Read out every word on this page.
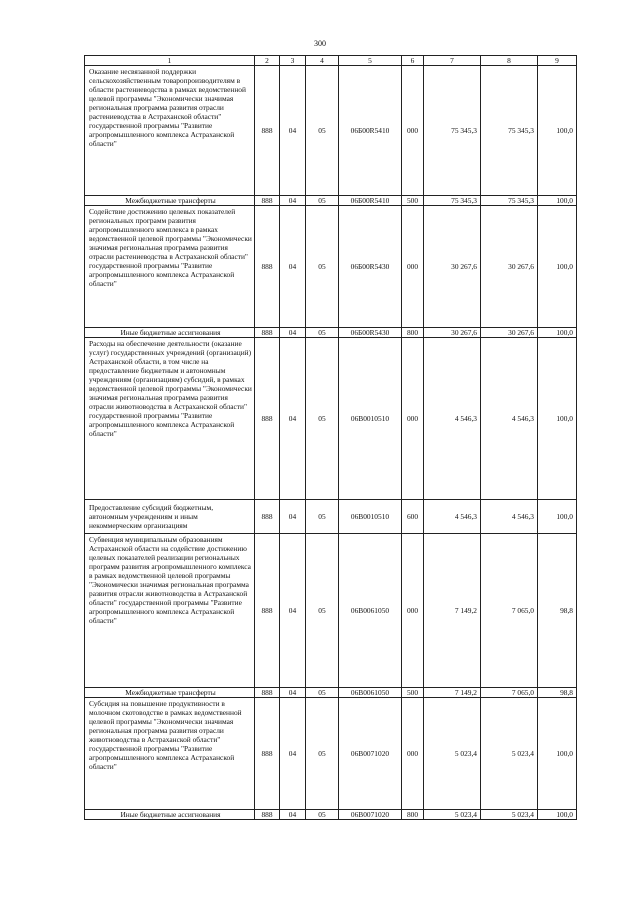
300
1	2	3	4	5	6	7	8	9
Оказание несвязанной поддержки сельскохозяйственным товаропроизводителям в области растениеводства в рамках ведомственной целевой программы "Экономически значимая региональная программа развития отрасли растениеводства в Астраханской области" государственной программы "Развитие агропромышленного комплекса Астраханской области"	888	04	05	06Б00R5410	000	75 345,3	75 345,3	100,0
Межбюджетные трансферты	888	04	05	06Б00R5410	500	75 345,3	75 345,3	100,0
Содействие достижению целевых показателей региональных программ развития агропромышленного комплекса в рамках ведомственной целевой программы "Экономически значимая региональная программа развития отрасли растениеводства в Астраханской области" государственной программы "Развитие агропромышленного комплекса Астраханской области"	888	04	05	06Б00R5430	000	30 267,6	30 267,6	100,0
Иные бюджетные ассигнования	888	04	05	06Б00R5430	800	30 267,6	30 267,6	100,0
Расходы на обеспечение деятельности (оказание услуг) государственных учреждений (организаций) Астраханской области, в том числе на предоставление бюджетным и автономным учреждениям (организациям) субсидий, в рамках ведомственной целевой программы "Экономически значимая региональная программа развития отрасли животноводства в Астраханской области" государственной программы "Развитие агропромышленного комплекса Астраханской области"	888	04	05	06В0010510	000	4 546,3	4 546,3	100,0
Предоставление субсидий бюджетным, автономным учреждениям и иным некоммерческим организациям	888	04	05	06В0010510	600	4 546,3	4 546,3	100,0
Субвенция муниципальным образованиям Астраханской области на содействие достижению целевых показателей реализации региональных программ развития агропромышленного комплекса в рамках ведомственной целевой программы "Экономически значимая региональная программа развития отрасли животноводства в Астраханской области" государственной программы "Развитие агропромышленного комплекса Астраханской области"	888	04	05	06В0061050	000	7 149,2	7 065,0	98,8
Межбюджетные трансферты	888	04	05	06В0061050	500	7 149,2	7 065,0	98,8
Субсидия на повышение продуктивности в молочном скотоводстве в рамках ведомственной целевой программы "Экономически значимая региональная программа развития отрасли животноводства в Астраханской области" государственной программы "Развитие агропромышленного комплекса Астраханской области"	888	04	05	06В0071020	000	5 023,4	5 023,4	100,0
Иные бюджетные ассигнования	888	04	05	06В0071020	800	5 023,4	5 023,4	100,0
